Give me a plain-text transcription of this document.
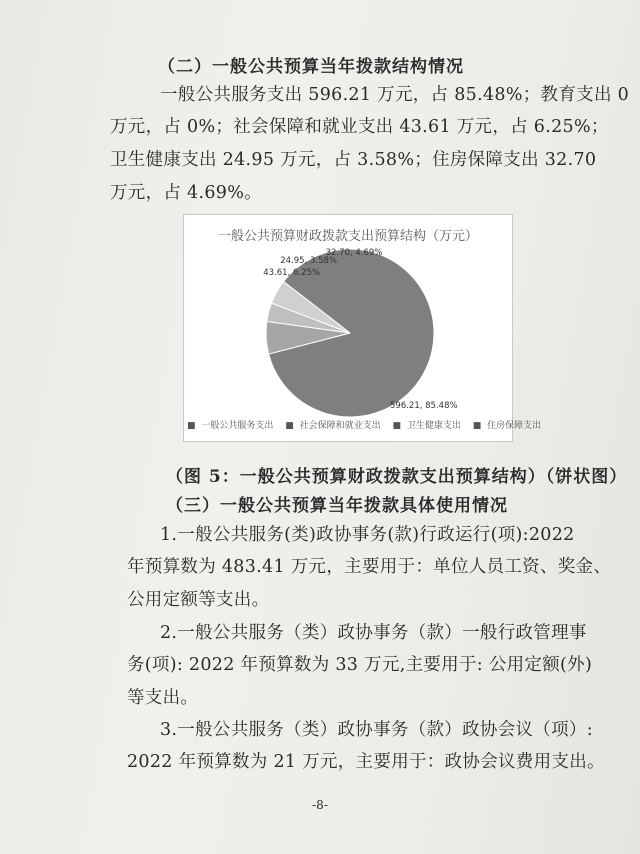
（二）一般公共预算当年拨款结构情况
一般公共服务支出 596.21 万元，占 85.48%；教育支出 0
万元，占 0%；社会保障和就业支出 43.61 万元，占 6.25%；
卫生健康支出 24.95 万元，占 3.58%；住房保障支出 32.70
万元，占 4.69%。
一般公共预算财政拨款支出预算结构（万元）
596.21, 85.48%
43.61, 6.25%
24.95, 3.58%
32.70, 4.69%
■ 一般公共服务支出 ■ 社会保障和就业支出 ■ 卫生健康支出 ■ 住房保障支出
（图 5：一般公共预算财政拨款支出预算结构）（饼状图）
（三）一般公共预算当年拨款具体使用情况
1.一般公共服务(类)政协事务(款)行政运行(项):2022
年预算数为 483.41 万元，主要用于：单位人员工资、奖金、
公用定额等支出。
2.一般公共服务（类）政协事务（款）一般行政管理事
务(项): 2022 年预算数为 33 万元,主要用于: 公用定额(外)
等支出。
3.一般公共服务（类）政协事务（款）政协会议（项）:
2022 年预算数为 21 万元，主要用于：政协会议费用支出。
-8-
